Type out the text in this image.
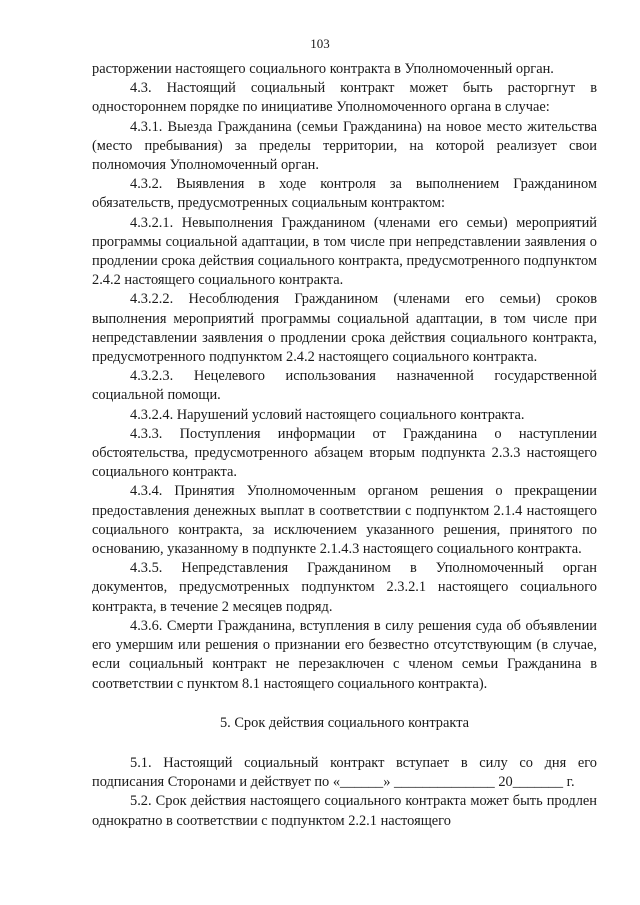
103

расторжении настоящего социального контракта в Уполномоченный орган.

4.3. Настоящий социальный контракт может быть расторгнут в одностороннем порядке по инициативе Уполномоченного органа в случае:

4.3.1. Выезда Гражданина (семьи Гражданина) на новое место жительства (место пребывания) за пределы территории, на которой реализует свои полномочия Уполномоченный орган.

4.3.2. Выявления в ходе контроля за выполнением Гражданином обязательств, предусмотренных социальным контрактом:

4.3.2.1. Невыполнения Гражданином (членами его семьи) мероприятий программы социальной адаптации, в том числе при непредставлении заявления о продлении срока действия социального контракта, предусмотренного подпунктом 2.4.2 настоящего социального контракта.

4.3.2.2. Несоблюдения Гражданином (членами его семьи) сроков выполнения мероприятий программы социальной адаптации, в том числе при непредставлении заявления о продлении срока действия социального контракта, предусмотренного подпунктом 2.4.2 настоящего социального контракта.

4.3.2.3. Нецелевого использования назначенной государственной социальной помощи.

4.3.2.4. Нарушений условий настоящего социального контракта.

4.3.3. Поступления информации от Гражданина о наступлении обстоятельства, предусмотренного абзацем вторым подпункта 2.3.3 настоящего социального контракта.

4.3.4. Принятия Уполномоченным органом решения о прекращении предоставления денежных выплат в соответствии с подпунктом 2.1.4 настоящего социального контракта, за исключением указанного решения, принятого по основанию, указанному в подпункте 2.1.4.3 настоящего социального контракта.

4.3.5. Непредставления Гражданином в Уполномоченный орган документов, предусмотренных подпунктом 2.3.2.1 настоящего социального контракта, в течение 2 месяцев подряд.

4.3.6. Смерти Гражданина, вступления в силу решения суда об объявлении его умершим или решения о признании его безвестно отсутствующим (в случае, если социальный контракт не перезаключен с членом семьи Гражданина в соответствии с пунктом 8.1 настоящего социального контракта).

5. Срок действия социального контракта

5.1. Настоящий социальный контракт вступает в силу со дня его подписания Сторонами и действует по «______» ______________ 20_______ г.

5.2. Срок действия настоящего социального контракта может быть продлен однократно в соответствии с подпунктом 2.2.1 настоящего
